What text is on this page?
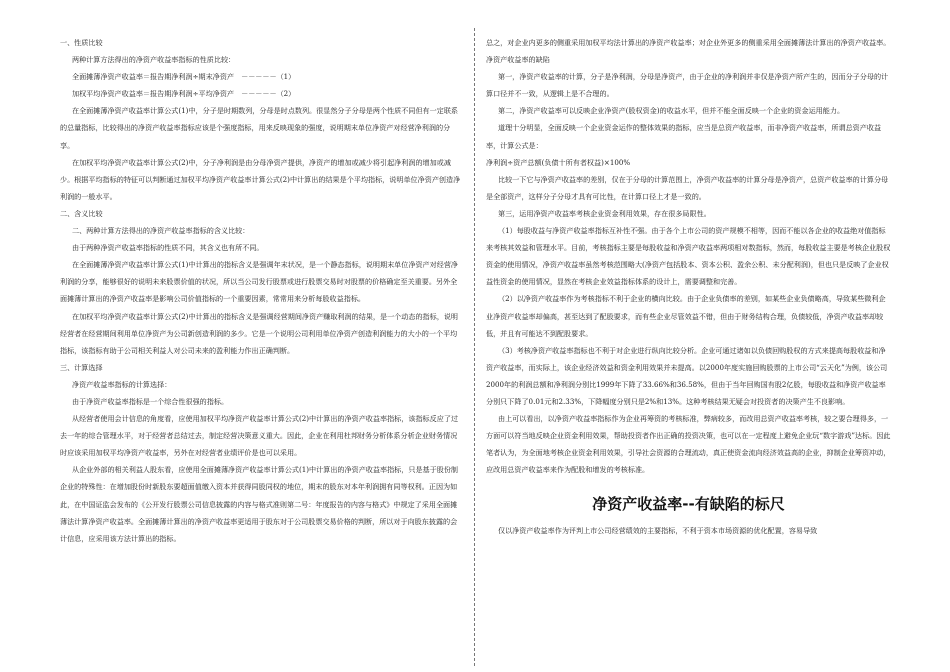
一、性质比较

两种计算方法得出的净资产收益率指标的性质比较：

全面摊薄净资产收益率＝报告期净利润÷期末净资产　－－－－－（1）

加权平均净资产收益率＝报告期净利润÷平均净资产　－－－－－（2）

在全面摊薄净资产收益率计算公式(1)中，分子是时期数列，分母是时点数列。很显然分子分母是两个性质不同但有一定联系的总量指标，比较得出的净资产收益率指标应该是个强度指标，用来反映现象的强度，说明期末单位净资产对经营净利润的分享。

在加权平均净资产收益率计算公式(2)中，分子净利润是由分母净资产提供，净资产的增加或减少将引起净利润的增加或减少。根据平均指标的特征可以判断通过加权平均净资产收益率计算公式(2)中计算出的结果是个平均指标，说明单位净资产创造净利润的一般水平。

二、含义比较

二、两种计算方法得出的净资产收益率指标的含义比较：

由于两种净资产收益率指标的性质不同，其含义也有所不同。

在全面摊薄净资产收益率计算公式(1)中计算出的指标含义是强调年末状况，是一个静态指标，说明期末单位净资产对经营净利润的分享，能够很好的说明未来股票价值的状况，所以当公司发行股票或进行股票交易时对股票的价格确定至关重要。另外全面摊薄计算出的净资产收益率是影响公司价值指标的一个重要因素，常常用来分析每股收益指标。

在加权平均净资产收益率计算公式(2)中计算出的指标含义是强调经营期间净资产赚取利润的结果，是一个动态的指标，说明经营者在经营期间利用单位净资产为公司新创造利润的多少。它是一个说明公司利用单位净资产创造利润能力的大小的一个平均指标，该指标有助于公司相关利益人对公司未来的盈利能力作出正确判断。

三、计算选择

净资产收益率指标的计算选择：

由于净资产收益率指标是一个综合性很强的指标。

从经营者使用会计信息的角度看，应使用加权平均净资产收益率计算公式(2)中计算出的净资产收益率指标，该指标反应了过去一年的综合管理水平，对于经营者总结过去，制定经营决策意义重大。因此，企业在利用杜邦财务分析体系分析企业财务情况时应该采用加权平均净资产收益率，另外在对经营者业绩评价是也可以采用。

从企业外部的相关利益人股东看，应使用全面摊薄净资产收益率计算公式(1)中计算出的净资产收益率指标，只是基于股份制企业的特殊性：在增加股份时新股东要超面值缴入资本并获得同股同权的地位，期末的股东对本年利润拥有同等权利。正因为如此，在中国证监会发布的《公开发行股票公司信息披露的内容与格式准则第二号：年度报告的内容与格式》中规定了采用全面摊薄法计算净资产收益率。全面摊薄计算出的净资产收益率更适用于股东对于公司股票交易价格的判断，所以对于向股东披露的会计信息，应采用该方法计算出的指标。

总之，对企业内更多的侧重采用加权平均法计算出的净资产收益率；对企业外更多的侧重采用全面摊薄法计算出的净资产收益率。

净资产收益率的缺陷

第一，净资产收益率的计算，分子是净利润，分母是净资产，由于企业的净利润并非仅是净资产所产生的，因而分子分母的计算口径并不一致，从逻辑上是不合理的。

第二，净资产收益率可以反映企业净资产(股权资金)的收益水平，但并不能全面反映一个企业的资金运用能力。

道理十分明显，全面反映一个企业资金运作的整体效果的指标，应当是总资产收益率，而非净资产收益率，所谓总资产收益率，计算公式是：

净利润÷资产总额(负债十所有者权益)×100%

比较一下它与净资产收益率的差别，仅在于分母的计算范围上，净资产收益率的计算分母是净资产，总资产收益率的计算分母是全部资产，这样分子分母才具有可比性，在计算口径上才是一致的。

第三，运用净资产收益率考核企业资金利用效果，存在很多局限性。

（1）每股收益与净资产收益率指标互补性不强。由于各个上市公司的资产规模不相等，因而不能以各企业的收益绝对值指标来考核其效益和管理水平。目前，考核指标主要是每股收益和净资产收益率两项相对数指标，然而，每股收益主要是考核企业股权资金的使用情况，净资产收益率虽然考核范围略大(净资产包括股本、资本公积、盈余公积、未分配利润)，但也只是反映了企业权益性资金的使用情况，显然在考核企业效益指标体系的设计上，需要调整和完善。

（2）以净资产收益率作为考核指标不利于企业的横向比较。由于企业负债率的差别，如某些企业负债略高，导致某些微利企业净资产收益率却偏高，甚至达到了配股要求，而有些企业尽管效益不错，但由于财务结构合理，负债较低，净资产收益率却较低，并且有可能达不到配股要求。

（3）考核净资产收益率指标也不利于对企业进行纵向比较分析。企业可通过诸如以负债回购股权的方式来提高每股收益和净资产收益率，而实际上，该企业经济效益和资金利用效果并未提高。以2000年度实施回购股票的上市公司“云天化”为例，该公司2000年的利润总额和净利润分别比1999年下降了33.66%和36.58%，但由于当年回购国有股2亿股，每股收益和净资产收益率分别只下降了0.01元和2.33%，下降幅度分别只是2%和13%。这种考核结果无疑会对投资者的决策产生不良影响。

由上可以看出，以净资产收益率指标作为企业再筹资的考核标准，弊病较多，而改用总资产收益率考核，较之要合理得多，一方面可以符当地反映企业资金利用效果，帮助投资者作出正确的投资决策，也可以在一定程度上避免企业玩“数字游戏”达标。因此笔者认为，为全面地考核企业资金利用效果，引导社会资源的合理流动，真正使资金流向经济效益高的企业，抑制企业筹资冲动，应改用总资产收益率来作为配股和增发的考核标准。

净资产收益率--有缺陷的标尺

仅以净资产收益率作为评判上市公司经营绩效的主要指标，不利于资本市场资源的优化配置，容易导致
